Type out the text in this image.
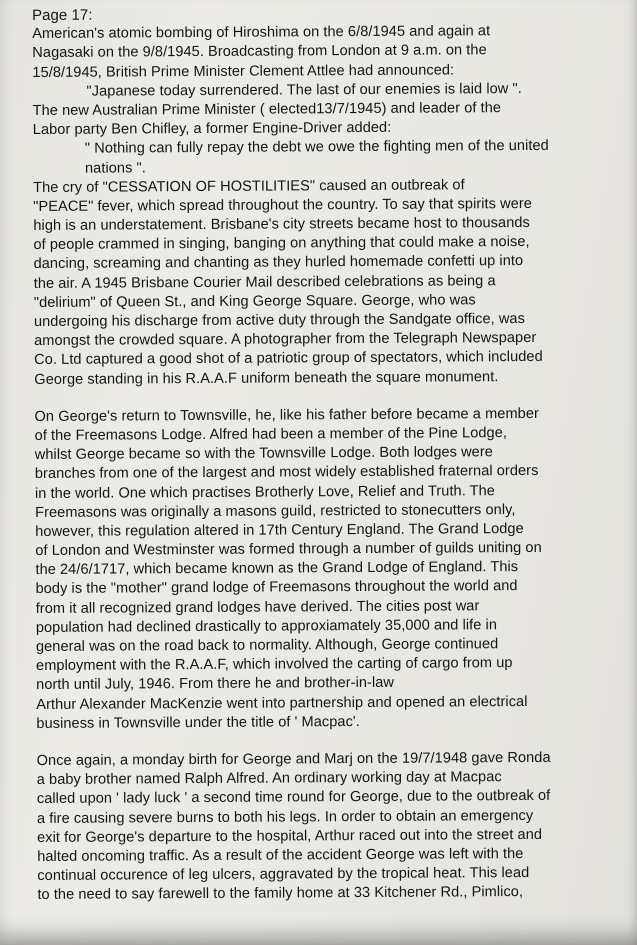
Page 17:
American's atomic bombing of Hiroshima on the 6/8/1945 and again at
Nagasaki on the 9/8/1945. Broadcasting from London at 9 a.m. on the
15/8/1945, British Prime Minister Clement Attlee had announced:
"Japanese today surrendered. The last of our enemies is laid low ".
The new Australian Prime Minister ( elected13/7/1945) and leader of the
Labor party Ben Chifley, a former Engine-Driver added:
" Nothing can fully repay the debt we owe the fighting men of the united
nations ".
The cry of "CESSATION OF HOSTILITIES" caused an outbreak of
"PEACE" fever, which spread throughout the country. To say that spirits were
high is an understatement. Brisbane's city streets became host to thousands
of people crammed in singing, banging on anything that could make a noise,
dancing, screaming and chanting as they hurled homemade confetti up into
the air. A 1945 Brisbane Courier Mail described celebrations as being a
"delirium" of Queen St., and King George Square. George, who was
undergoing his discharge from active duty through the Sandgate office, was
amongst the crowded square. A photographer from the Telegraph Newspaper
Co. Ltd captured a good shot of a patriotic group of spectators, which included
George standing in his R.A.A.F uniform beneath the square monument.
On George's return to Townsville, he, like his father before became a member
of the Freemasons Lodge. Alfred had been a member of the Pine Lodge,
whilst George became so with the Townsville Lodge. Both lodges were
branches from one of the largest and most widely established fraternal orders
in the world. One which practises Brotherly Love, Relief and Truth. The
Freemasons was originally a masons guild, restricted to stonecutters only,
however, this regulation altered in 17th Century England. The Grand Lodge
of London and Westminster was formed through a number of guilds uniting on
the 24/6/1717, which became known as the Grand Lodge of England. This
body is the "mother" grand lodge of Freemasons throughout the world and
from it all recognized grand lodges have derived. The cities post war
population had declined drastically to approxiamately 35,000 and life in
general was on the road back to normality. Although, George continued
employment with the R.A.A.F, which involved the carting of cargo from up
north until July, 1946. From there he and brother-in-law
Arthur Alexander MacKenzie went into partnership and opened an electrical
business in Townsville under the title of ' Macpac'.
Once again, a monday birth for George and Marj on the 19/7/1948 gave Ronda
a baby brother named Ralph Alfred. An ordinary working day at Macpac
called upon ' lady luck ' a second time round for George, due to the outbreak of
a fire causing severe burns to both his legs. In order to obtain an emergency
exit for George's departure to the hospital, Arthur raced out into the street and
halted oncoming traffic. As a result of the accident George was left with the
continual occurence of leg ulcers, aggravated by the tropical heat. This lead
to the need to say farewell to the family home at 33 Kitchener Rd., Pimlico,
